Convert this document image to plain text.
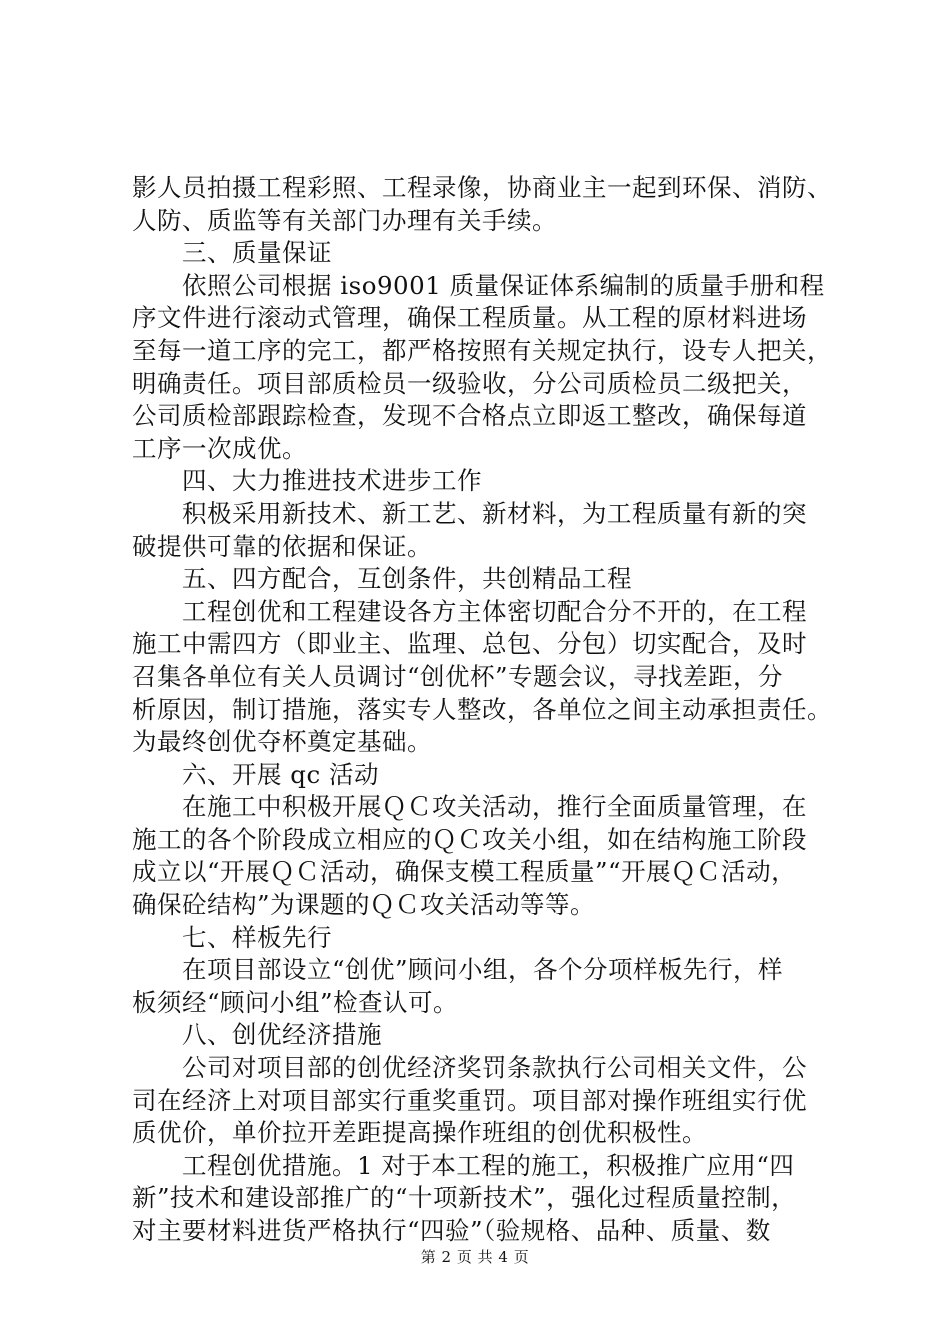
影人员拍摄工程彩照、工程录像，协商业主一起到环保、消防、
人防、质监等有关部门办理有关手续。
三、质量保证
依照公司根据 iso9001 质量保证体系编制的质量手册和程
序文件进行滚动式管理，确保工程质量。从工程的原材料进场
至每一道工序的完工，都严格按照有关规定执行，设专人把关，
明确责任。项目部质检员一级验收，分公司质检员二级把关，
公司质检部跟踪检查，发现不合格点立即返工整改，确保每道
工序一次成优。
四、大力推进技术进步工作
积极采用新技术、新工艺、新材料，为工程质量有新的突
破提供可靠的依据和保证。
五、四方配合，互创条件，共创精品工程
工程创优和工程建设各方主体密切配合分不开的，在工程
施工中需四方（即业主、监理、总包、分包）切实配合，及时
召集各单位有关人员调讨“创优杯”专题会议，寻找差距，分
析原因，制订措施，落实专人整改，各单位之间主动承担责任。
为最终创优夺杯奠定基础。
六、开展 qc 活动
在施工中积极开展ＱＣ攻关活动，推行全面质量管理，在
施工的各个阶段成立相应的ＱＣ攻关小组，如在结构施工阶段
成立以“开展ＱＣ活动，确保支模工程质量”“开展ＱＣ活动，
确保砼结构”为课题的ＱＣ攻关活动等等。
七、样板先行
在项目部设立“创优”顾问小组，各个分项样板先行，样
板须经“顾问小组”检查认可。
八、创优经济措施
公司对项目部的创优经济奖罚条款执行公司相关文件，公
司在经济上对项目部实行重奖重罚。项目部对操作班组实行优
质优价，单价拉开差距提高操作班组的创优积极性。
工程创优措施。1 对于本工程的施工，积极推广应用“四
新”技术和建设部推广的“十项新技术”，强化过程质量控制，
对主要材料进货严格执行“四验”（验规格、品种、质量、数
第 2 页 共 4 页
